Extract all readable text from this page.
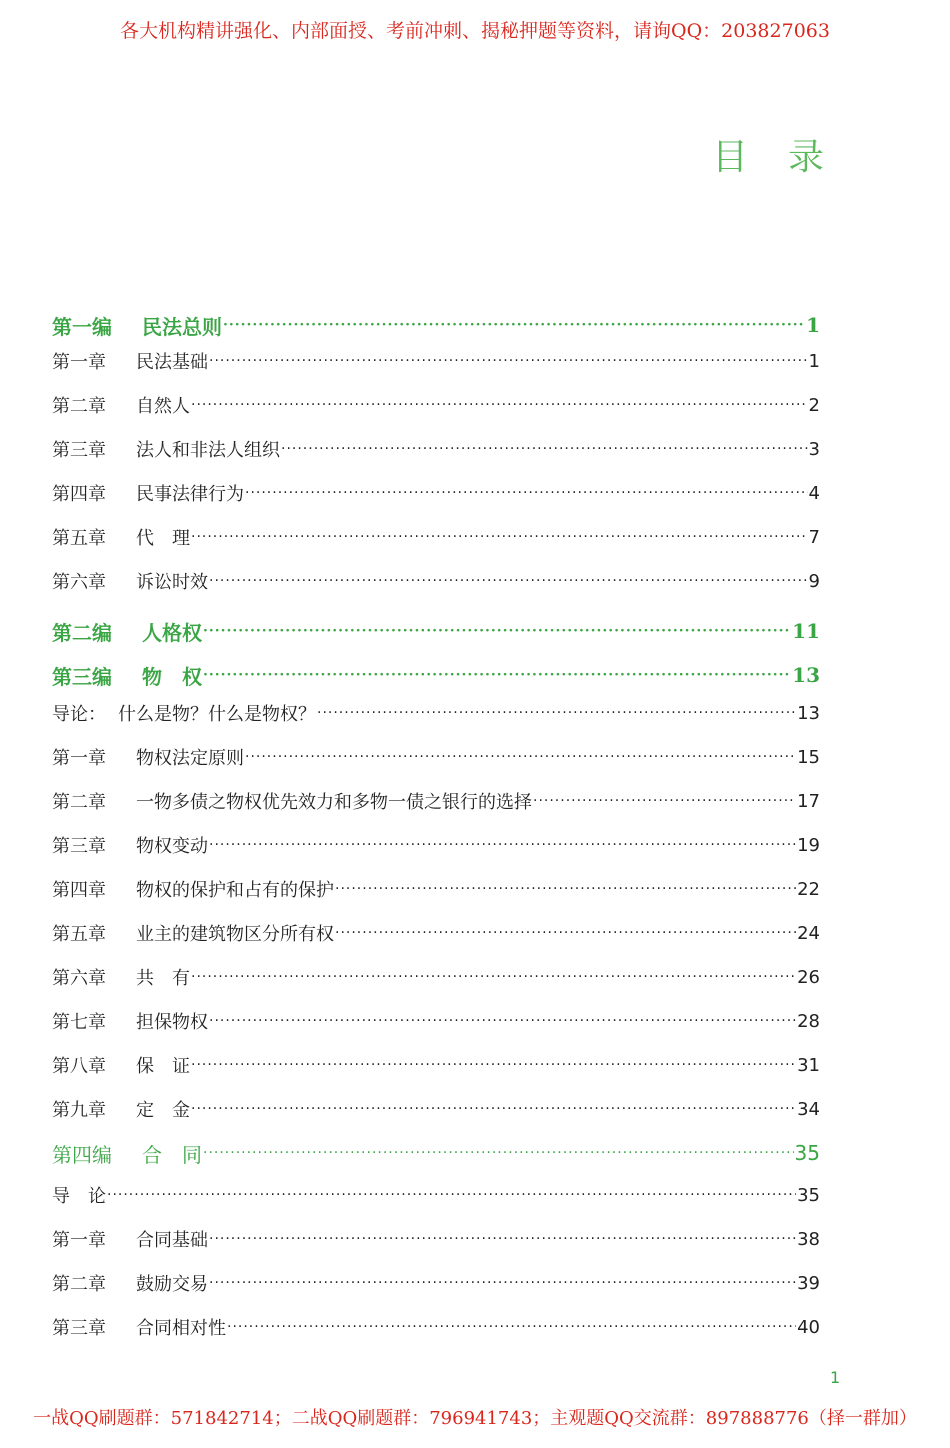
各大机构精讲强化、内部面授、考前冲刺、揭秘押题等资料，请询QQ：203827063
目录
第一编	民法总则 ·····	1
第一章	民法基础 ·····	1
第二章	自然人 ·····	2
第三章	法人和非法人组织 ·····	3
第四章	民事法律行为 ·····	4
第五章	代　理 ·····	7
第六章	诉讼时效 ·····	9
第二编	人格权 ·····	11
第三编	物　权 ·····	13
导论： 什么是物？什么是物权？ ·····	13
第一章	物权法定原则 ·····	15
第二章	一物多债之物权优先效力和多物一债之银行的选择 ·····	17
第三章	物权变动 ·····	19
第四章	物权的保护和占有的保护 ·····	22
第五章	业主的建筑物区分所有权 ·····	24
第六章	共　有 ·····	26
第七章	担保物权 ·····	28
第八章	保　证 ·····	31
第九章	定　金 ·····	34
第四编	合　同 ·····	35
导　论 ·····	35
第一章	合同基础 ·····	38
第二章	鼓励交易 ·····	39
第三章	合同相对性 ·····	40
1
一战QQ刷题群：571842714；二战QQ刷题群：796941743；主观题QQ交流群：897888776（择一群加）
